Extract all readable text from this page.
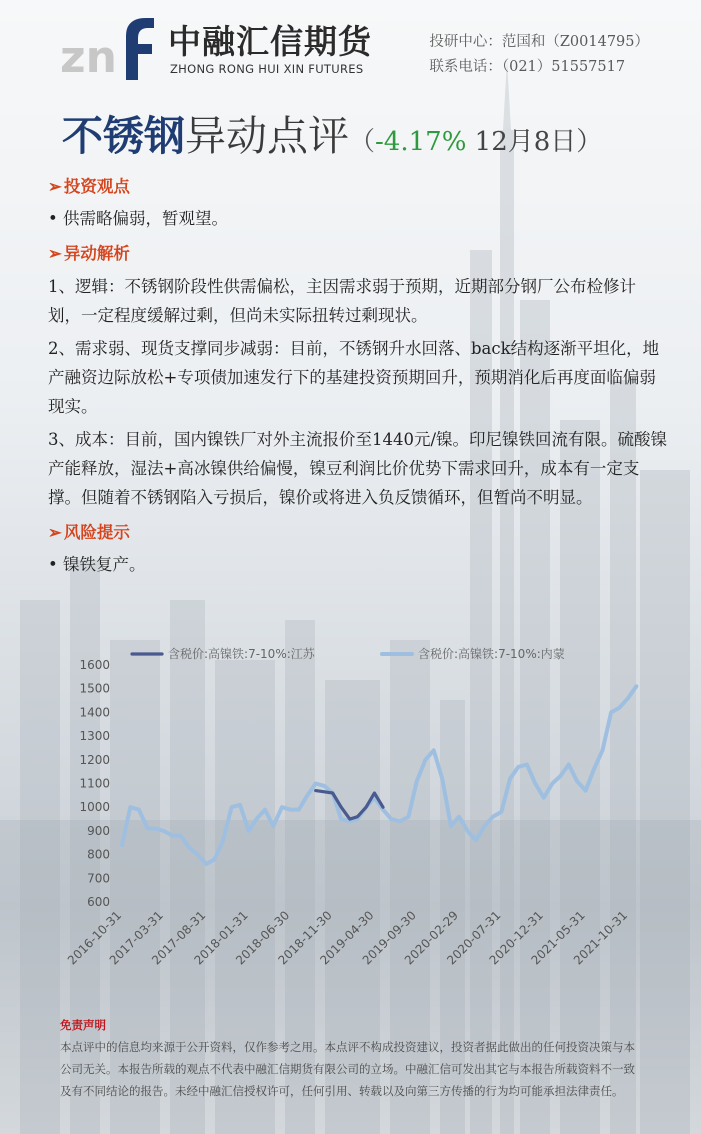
zn 中融汇信期货
ZHONG RONG HUI XIN FUTURES
投研中心：范国和（Z0014795）
联系电话：（021）51557517
不锈钢异动点评（-4.17% 12月8日）
➢ 投资观点
• 供需略偏弱，暂观望。
➢ 异动解析
1、逻辑：不锈钢阶段性供需偏松，主因需求弱于预期，近期部分钢厂公布检修计划，一定程度缓解过剩，但尚未实际扭转过剩现状。
2、需求弱、现货支撑同步减弱：目前，不锈钢升水回落、back结构逐渐平坦化，地产融资边际放松+专项债加速发行下的基建投资预期回升，预期消化后再度面临偏弱现实。
3、成本：目前，国内镍铁厂对外主流报价至1440元/镍。印尼镍铁回流有限。硫酸镍产能释放，湿法+高冰镍供给偏慢，镍豆利润比价优势下需求回升，成本有一定支撑。但随着不锈钢陷入亏损后，镍价或将进入负反馈循环，但暂尚不明显。
➢ 风险提示
• 镍铁复产。
600
700
800
900
1000
1100
1200
1300
1400
1500
1600
2016-10-31
2017-03-31
2017-08-31
2018-01-31
2018-06-30
2018-11-30
2019-04-30
2019-09-30
2020-02-29
2020-07-31
2020-12-31
2021-05-31
2021-10-31
含税价:高镍铁:7-10%:江苏	含税价:高镍铁:7-10%:内蒙
免责声明
本点评中的信息均来源于公开资料，仅作参考之用。本点评不构成投资建议，投资者据此做出的任何投资决策与本公司无关。本报告所载的观点不代表中融汇信期货有限公司的立场。中融汇信可发出其它与本报告所载资料不一致及有不同结论的报告。未经中融汇信授权许可，任何引用、转载以及向第三方传播的行为均可能承担法律责任。
